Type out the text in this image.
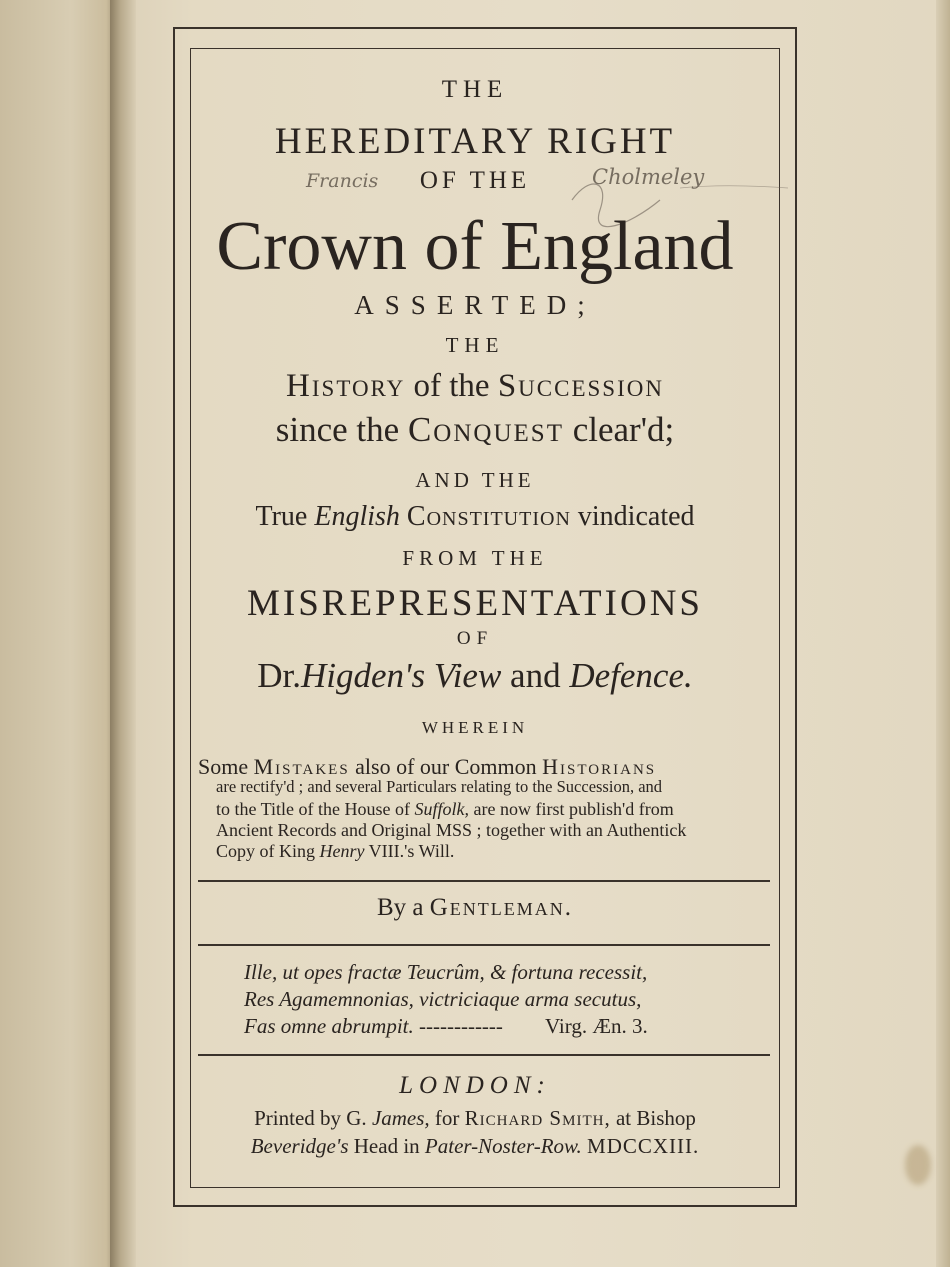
THE
HEREDITARY RIGHT
OF THE
Francis	Cholmeley
Crown of England
ASSERTED;
THE
History of the Succession
since the Conquest clear'd;
AND THE
True English Constitution vindicated
FROM THE
MISREPRESENTATIONS
OF
Dr.Higden's View and Defence.
WHEREIN
Some Mistakes also of our Common Historians
are rectify'd ; and several Particulars relating to the Succession, and
to the Title of the House of Suffolk, are now first publish'd from
Ancient Records and Original MSS ; together with an Authentick
Copy of King Henry VIII.'s Will.
By a Gentleman.
Ille, ut opes fractæ Teucrûm, & fortuna recessit,
Res Agamemnonias, victriciaque arma secutus,
Fas omne abrumpit. ------------	Virg. Æn. 3.
LONDON:
Printed by G. James, for Richard Smith, at Bishop
Beveridge's Head in Pater-Noster-Row. MDCCXIII.
